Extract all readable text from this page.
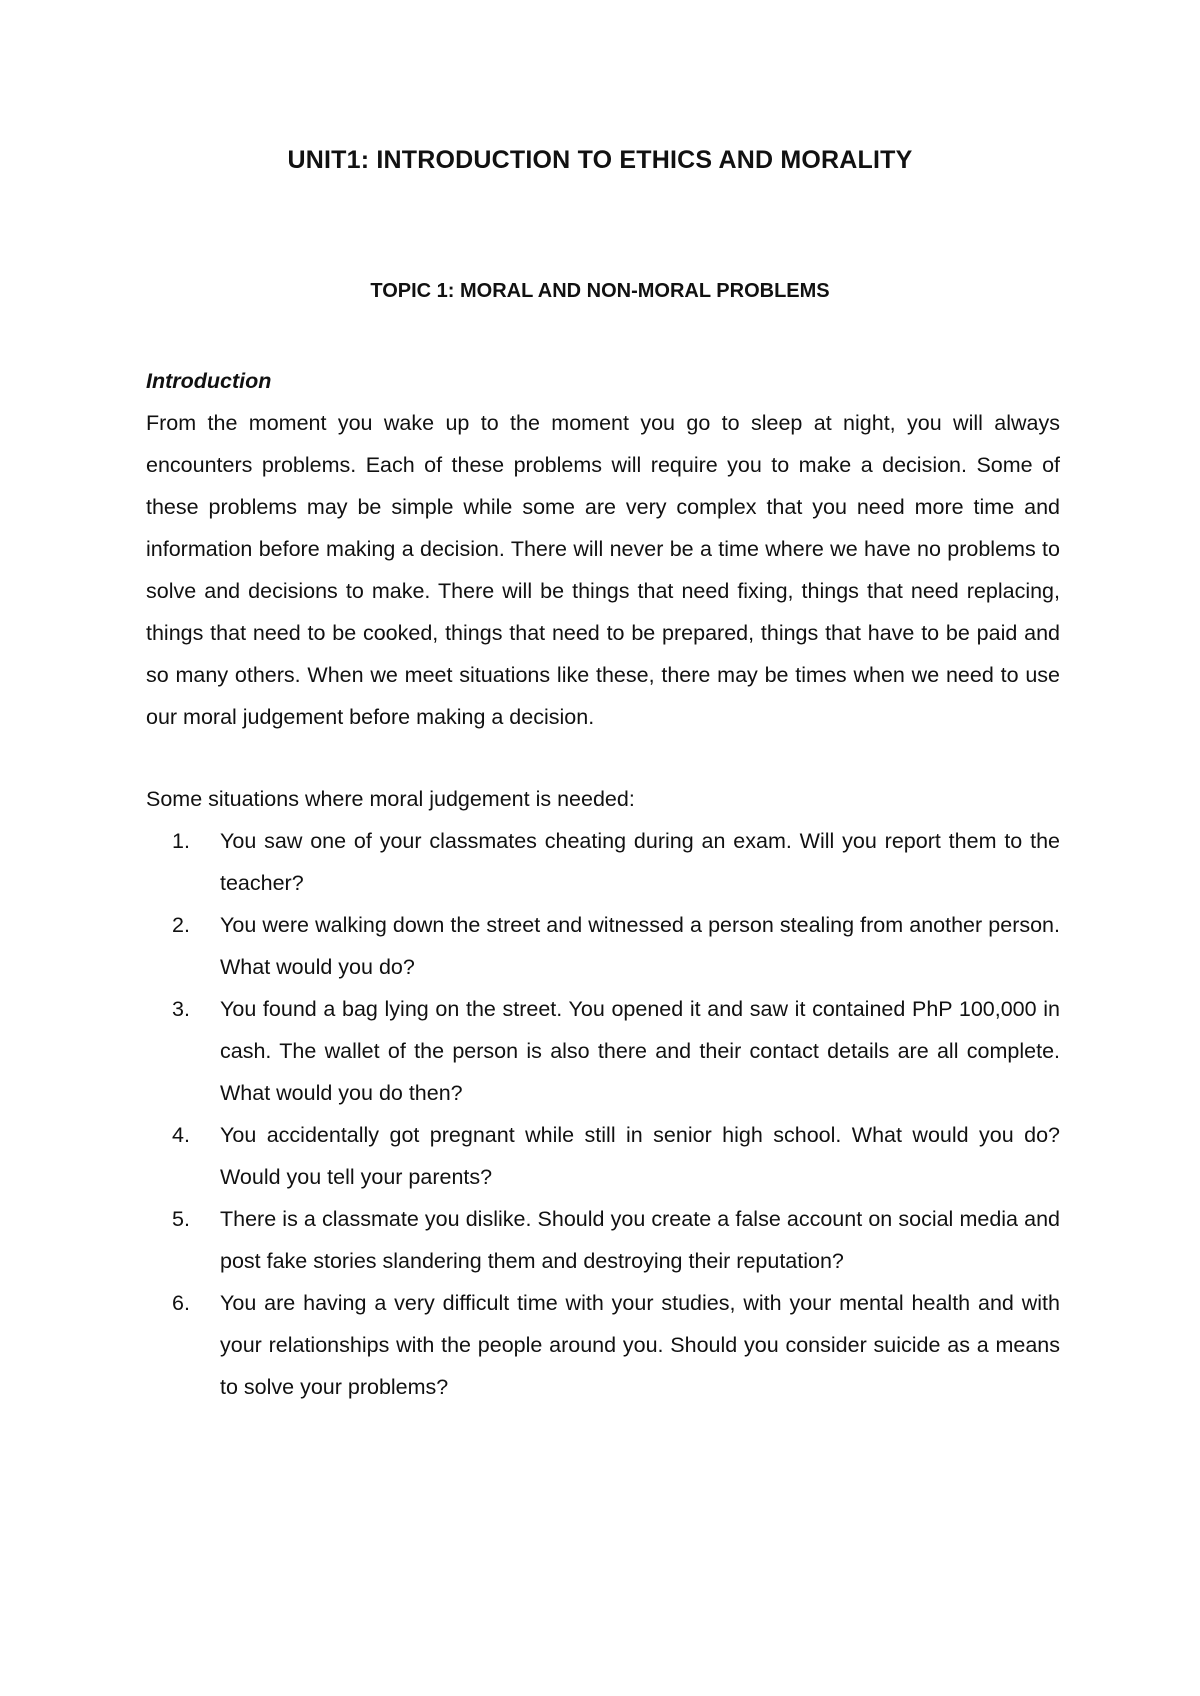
UNIT1: INTRODUCTION TO ETHICS AND MORALITY
TOPIC 1: MORAL AND NON-MORAL PROBLEMS

Introduction

From the moment you wake up to the moment you go to sleep at night, you will always encounters problems. Each of these problems will require you to make a decision. Some of these problems may be simple while some are very complex that you need more time and information before making a decision. There will never be a time where we have no problems to solve and decisions to make. There will be things that need fixing, things that need replacing, things that need to be cooked, things that need to be prepared, things that have to be paid and so many others. When we meet situations like these, there may be times when we need to use our moral judgement before making a decision.

Some situations where moral judgement is needed:

1. You saw one of your classmates cheating during an exam. Will you report them to the teacher?
2. You were walking down the street and witnessed a person stealing from another person. What would you do?
3. You found a bag lying on the street. You opened it and saw it contained PhP 100,000 in cash. The wallet of the person is also there and their contact details are all complete. What would you do then?
4. You accidentally got pregnant while still in senior high school. What would you do? Would you tell your parents?
5. There is a classmate you dislike. Should you create a false account on social media and post fake stories slandering them and destroying their reputation?
6. You are having a very difficult time with your studies, with your mental health and with your relationships with the people around you. Should you consider suicide as a means to solve your problems?
